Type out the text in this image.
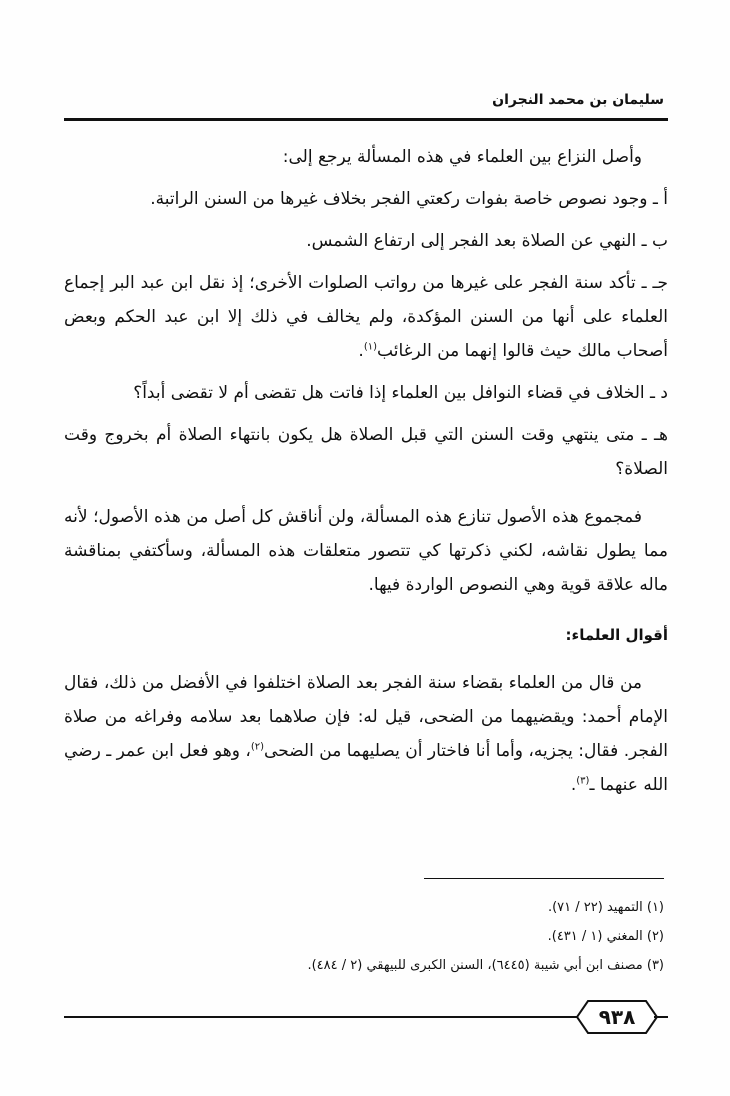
سليمان بن محمد النجران

وأصل النزاع بين العلماء في هذه المسألة يرجع إلى:

أ ـ وجود نصوص خاصة بفوات ركعتي الفجر بخلاف غيرها من السنن الراتبة.

ب ـ النهي عن الصلاة بعد الفجر إلى ارتفاع الشمس.

جـ ـ تأكد سنة الفجر على غيرها من رواتب الصلوات الأخرى؛ إذ نقل ابن عبد البر إجماع العلماء على أنها من السنن المؤكدة، ولم يخالف في ذلك إلا ابن عبد الحكم وبعض أصحاب مالك حيث قالوا إنهما من الرغائب$^{(١)}$.

د ـ الخلاف في قضاء النوافل بين العلماء إذا فاتت هل تقضى أم لا تقضى أبداً؟

هـ ـ متى ينتهي وقت السنن التي قبل الصلاة هل يكون بانتهاء الصلاة أم بخروج وقت الصلاة؟

فمجموع هذه الأصول تنازع هذه المسألة، ولن أناقش كل أصل من هذه الأصول؛ لأنه مما يطول نقاشه، لكني ذكرتها كي تتصور متعلقات هذه المسألة، وسأكتفي بمناقشة ماله علاقة قوية وهي النصوص الواردة فيها.

أقوال العلماء:

من قال من العلماء بقضاء سنة الفجر بعد الصلاة اختلفوا في الأفضل من ذلك، فقال الإمام أحمد: ويقضيهما من الضحى، قيل له: فإن صلاهما بعد سلامه وفراغه من صلاة الفجر. فقال: يجزيه، وأما أنا فاختار أن يصليهما من الضحى$^{(٢)}$، وهو فعل ابن عمر ـ رضي الله عنهما ـ$^{(٣)}$.

(١) التمهيد (٢٢ / ٧١).

(٢) المغني (١ / ٤٣١).

(٣) مصنف ابن أبي شيبة (٦٤٤٥)، السنن الكبرى للبيهقي (٢ / ٤٨٤).

٩٣٨
